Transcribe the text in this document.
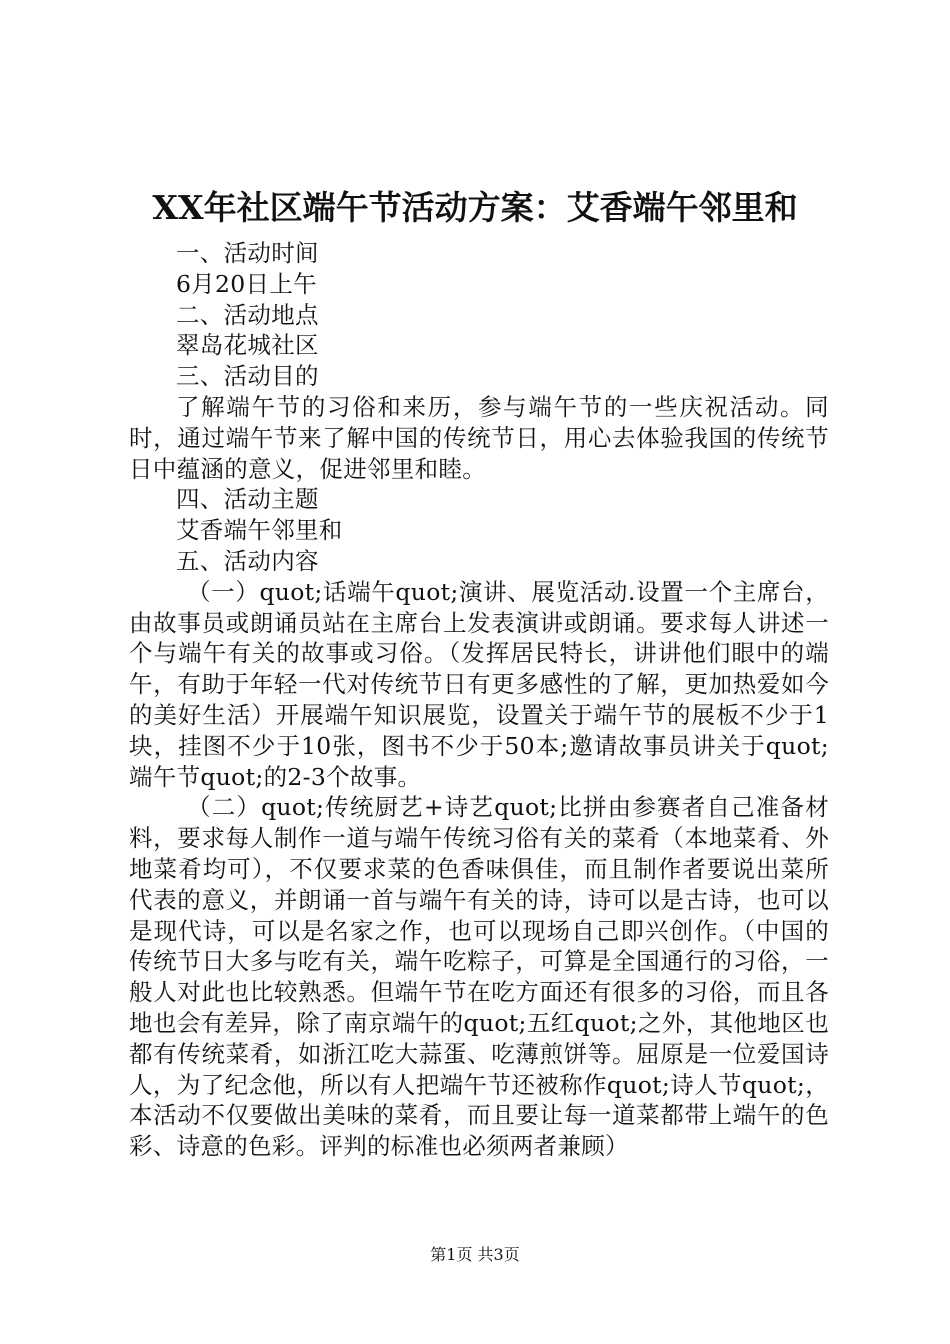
XX年社区端午节活动方案：艾香端午邻里和

一、活动时间

6月20日上午

二、活动地点

翠岛花城社区

三、活动目的

了解端午节的习俗和来历，参与端午节的一些庆祝活动。同时，通过端午节来了解中国的传统节日，用心去体验我国的传统节日中蕴涵的意义，促进邻里和睦。

四、活动主题

艾香端午邻里和

五、活动内容

（一）quot;话端午quot;演讲、展览活动.设置一个主席台，由故事员或朗诵员站在主席台上发表演讲或朗诵。要求每人讲述一个与端午有关的故事或习俗。（发挥居民特长，讲讲他们眼中的端午，有助于年轻一代对传统节日有更多感性的了解，更加热爱如今的美好生活）开展端午知识展览，设置关于端午节的展板不少于1块，挂图不少于10张，图书不少于50本;邀请故事员讲关于quot;端午节quot;的2-3个故事。

（二）quot;传统厨艺+诗艺quot;比拼由参赛者自己准备材料，要求每人制作一道与端午传统习俗有关的菜肴（本地菜肴、外地菜肴均可），不仅要求菜的色香味俱佳，而且制作者要说出菜所代表的意义，并朗诵一首与端午有关的诗，诗可以是古诗，也可以是现代诗，可以是名家之作，也可以现场自己即兴创作。（中国的传统节日大多与吃有关，端午吃粽子，可算是全国通行的习俗，一般人对此也比较熟悉。但端午节在吃方面还有很多的习俗，而且各地也会有差异，除了南京端午的quot;五红quot;之外，其他地区也都有传统菜肴，如浙江吃大蒜蛋、吃薄煎饼等。屈原是一位爱国诗人，为了纪念他，所以有人把端午节还被称作quot;诗人节quot;，本活动不仅要做出美味的菜肴，而且要让每一道菜都带上端午的色彩、诗意的色彩。评判的标准也必须两者兼顾）

第1页 共3页
